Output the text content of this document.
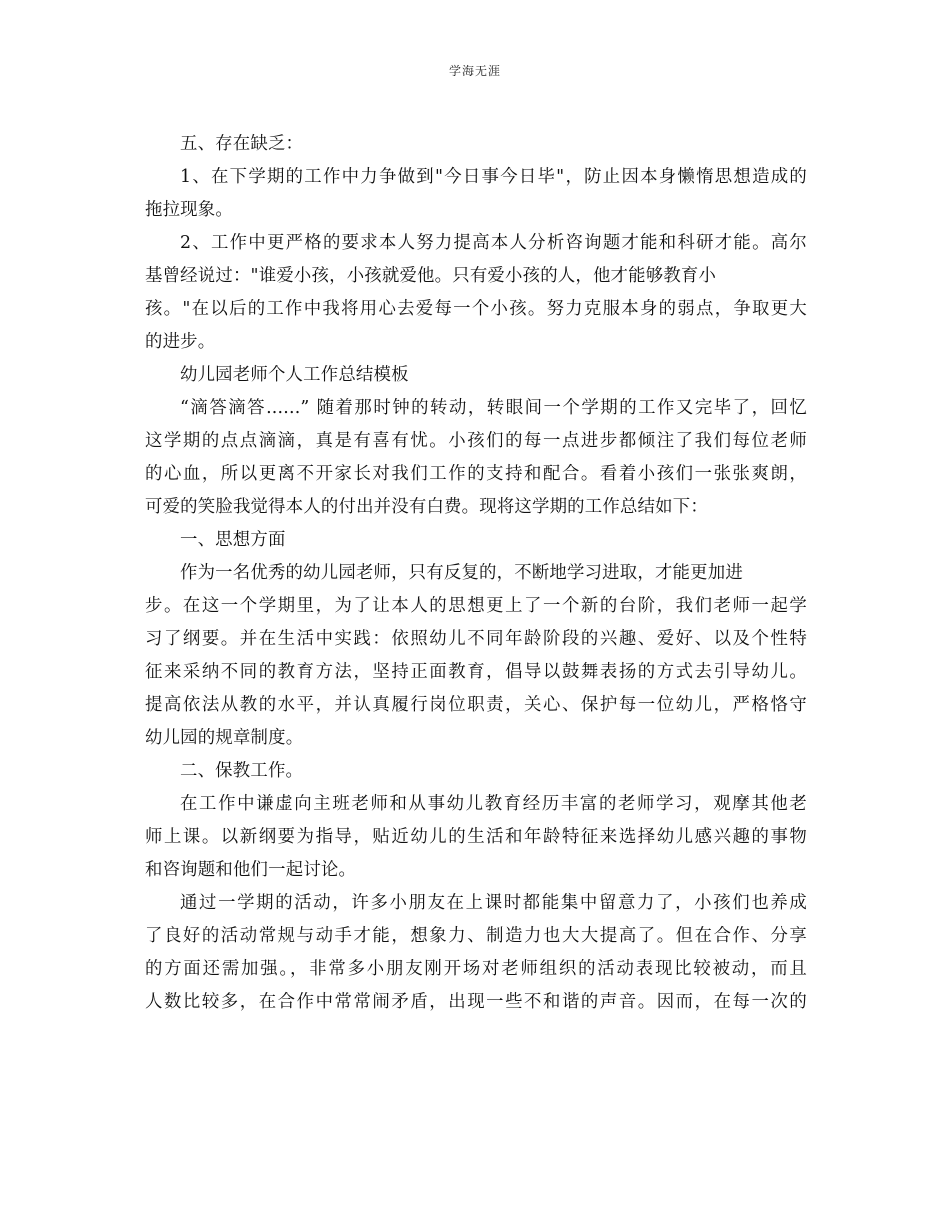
学海无涯
五、存在缺乏：
1、在下学期的工作中力争做到"今日事今日毕"，防止因本身懒惰思想造成的
拖拉现象。
2、工作中更严格的要求本人努力提高本人分析咨询题才能和科研才能。高尔
基曾经说过："谁爱小孩，小孩就爱他。只有爱小孩的人，他才能够教育小
孩。"在以后的工作中我将用心去爱每一个小孩。努力克服本身的弱点，争取更大
的进步。
幼儿园老师个人工作总结模板
“滴答滴答......” 随着那时钟的转动，转眼间一个学期的工作又完毕了，回忆
这学期的点点滴滴，真是有喜有忧。小孩们的每一点进步都倾注了我们每位老师
的心血，所以更离不开家长对我们工作的支持和配合。看着小孩们一张张爽朗，
可爱的笑脸我觉得本人的付出并没有白费。现将这学期的工作总结如下：
一、思想方面
作为一名优秀的幼儿园老师，只有反复的，不断地学习进取，才能更加进
步。在这一个学期里，为了让本人的思想更上了一个新的台阶，我们老师一起学
习了纲要。并在生活中实践：依照幼儿不同年龄阶段的兴趣、爱好、以及个性特
征来采纳不同的教育方法，坚持正面教育，倡导以鼓舞表扬的方式去引导幼儿。
提高依法从教的水平，并认真履行岗位职责，关心、保护每一位幼儿，严格恪守
幼儿园的规章制度。
二、保教工作。
在工作中谦虚向主班老师和从事幼儿教育经历丰富的老师学习，观摩其他老
师上课。以新纲要为指导，贴近幼儿的生活和年龄特征来选择幼儿感兴趣的事物
和咨询题和他们一起讨论。
通过一学期的活动，许多小朋友在上课时都能集中留意力了，小孩们也养成
了良好的活动常规与动手才能，想象力、制造力也大大提高了。但在合作、分享
的方面还需加强。，非常多小朋友刚开场对老师组织的活动表现比较被动，而且
人数比较多，在合作中常常闹矛盾，出现一些不和谐的声音。因而，在每一次的
